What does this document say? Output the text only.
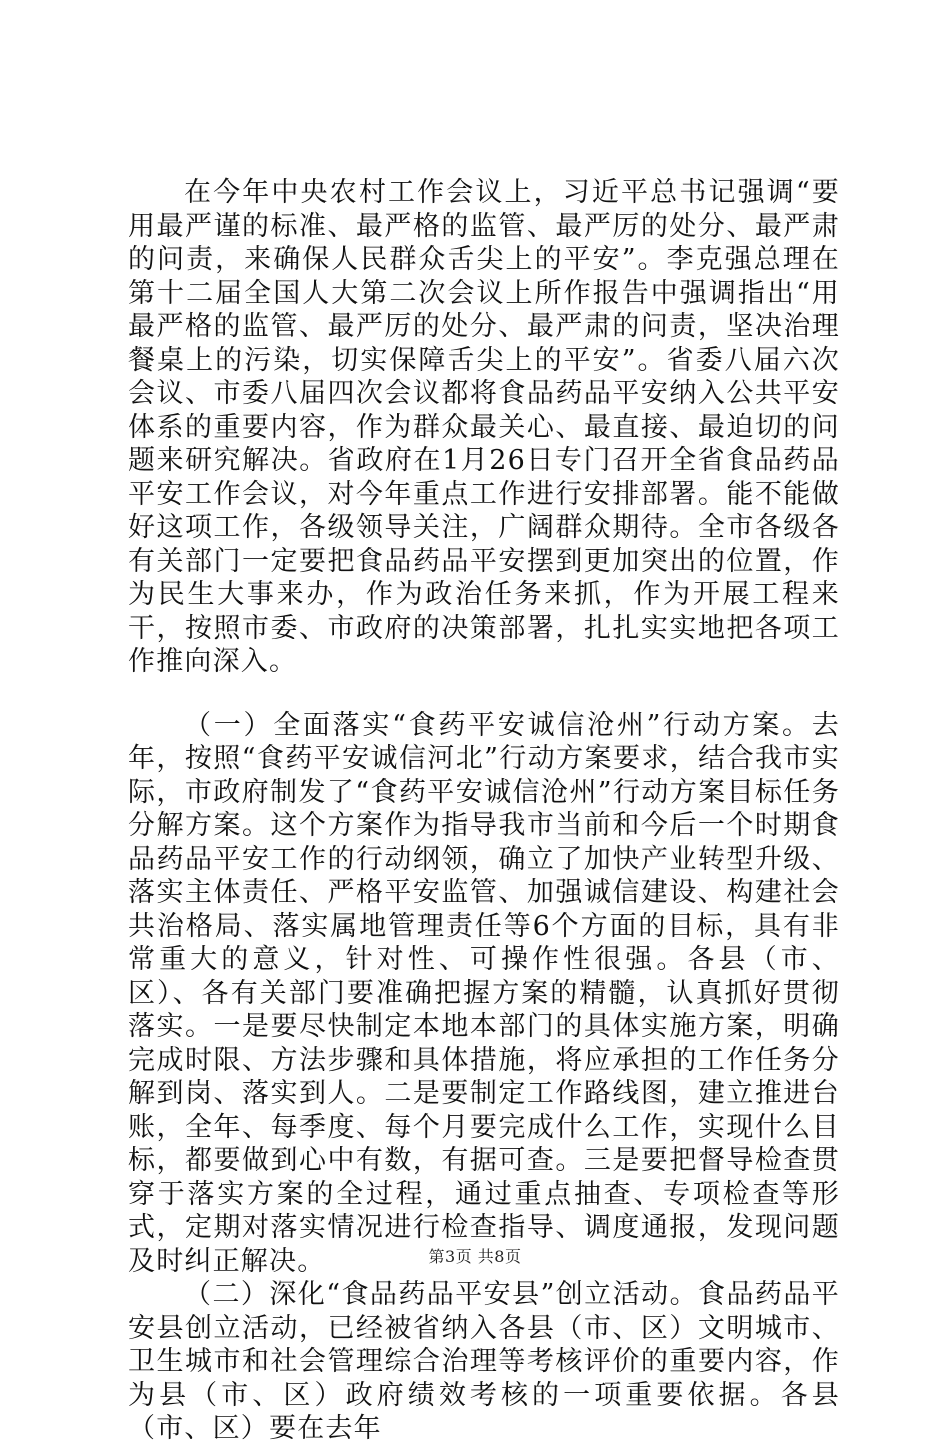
在今年中央农村工作会议上，习近平总书记强调“要用最严谨的标准、最严格的监管、最严厉的处分、最严肃的问责，来确保人民群众舌尖上的平安”。李克强总理在第十二届全国人大第二次会议上所作报告中强调指出“用最严格的监管、最严厉的处分、最严肃的问责，坚决治理餐桌上的污染，切实保障舌尖上的平安”。省委八届六次会议、市委八届四次会议都将食品药品平安纳入公共平安体系的重要内容，作为群众最关心、最直接、最迫切的问题来研究解决。省政府在1月26日专门召开全省食品药品平安工作会议，对今年重点工作进行安排部署。能不能做好这项工作，各级领导关注，广阔群众期待。全市各级各有关部门一定要把食品药品平安摆到更加突出的位置，作为民生大事来办，作为政治任务来抓，作为开展工程来干，按照市委、市政府的决策部署，扎扎实实地把各项工作推向深入。

（一）全面落实“食药平安诚信沧州”行动方案。去年，按照“食药平安诚信河北”行动方案要求，结合我市实际，市政府制发了“食药平安诚信沧州”行动方案目标任务分解方案。这个方案作为指导我市当前和今后一个时期食品药品平安工作的行动纲领，确立了加快产业转型升级、落实主体责任、严格平安监管、加强诚信建设、构建社会共治格局、落实属地管理责任等6个方面的目标，具有非常重大的意义，针对性、可操作性很强。各县（市、区）、各有关部门要准确把握方案的精髓，认真抓好贯彻落实。一是要尽快制定本地本部门的具体实施方案，明确完成时限、方法步骤和具体措施，将应承担的工作任务分解到岗、落实到人。二是要制定工作路线图，建立推进台账，全年、每季度、每个月要完成什么工作，实现什么目标，都要做到心中有数，有据可查。三是要把督导检查贯穿于落实方案的全过程，通过重点抽查、专项检查等形式，定期对落实情况进行检查指导、调度通报，发现问题及时纠正解决。

（二）深化“食品药品平安县”创立活动。食品药品平安县创立活动，已经被省纳入各县（市、区）文明城市、卫生城市和社会管理综合治理等考核评价的重要内容，作为县（市、区）政府绩效考核的一项重要依据。各县（市、区）要在去年

第3页 共8页
